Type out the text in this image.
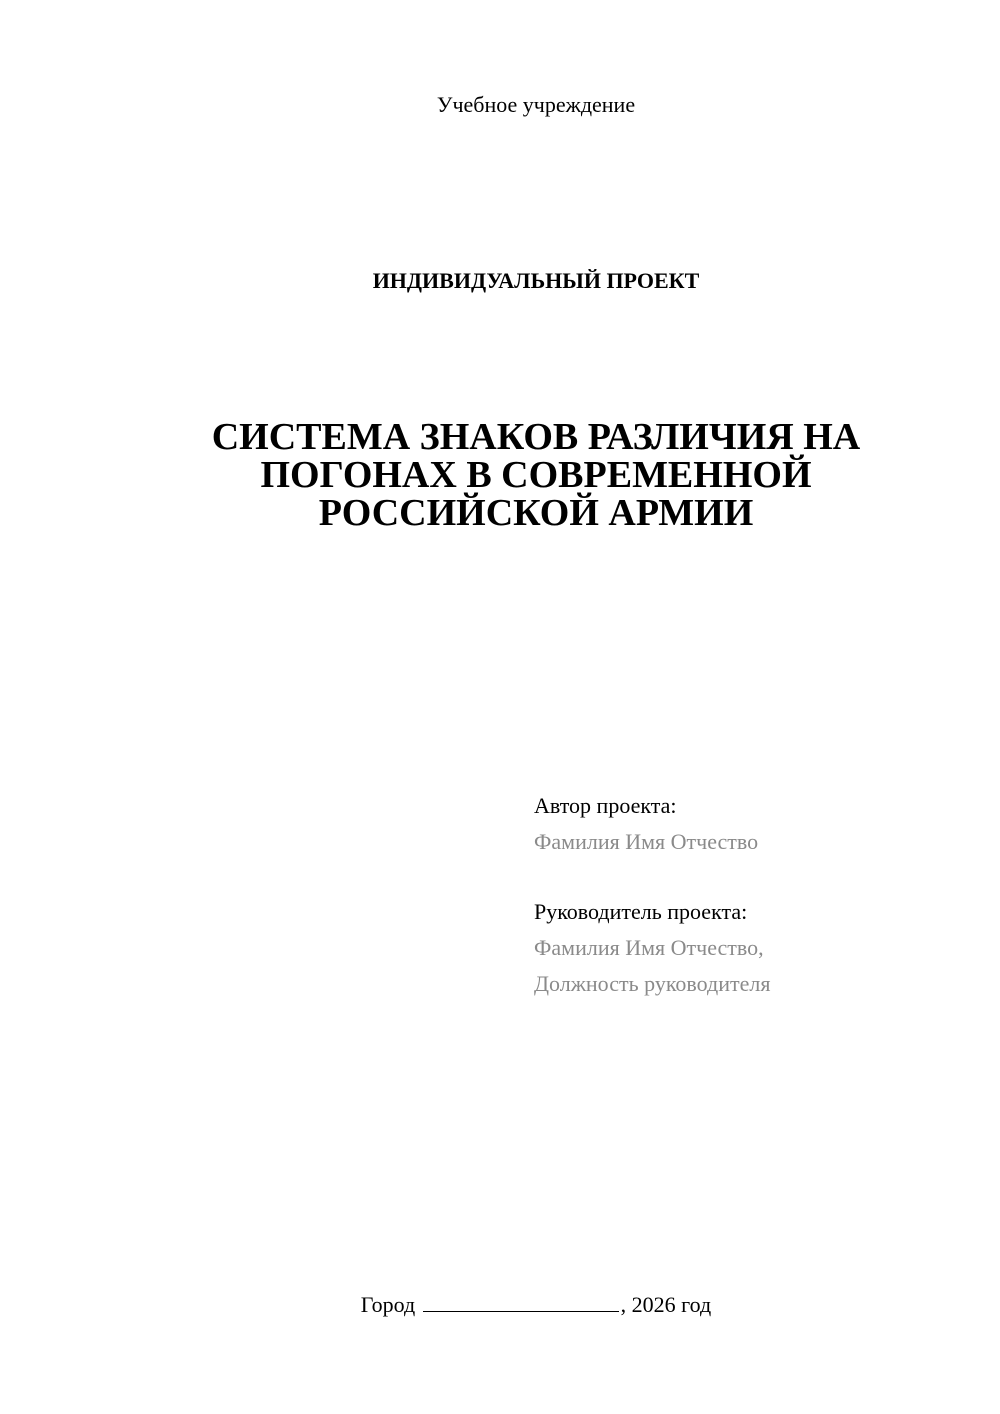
Учебное учреждение
ИНДИВИДУАЛЬНЫЙ ПРОЕКТ
СИСТЕМА ЗНАКОВ РАЗЛИЧИЯ НА
ПОГОНАХ В СОВРЕМЕННОЙ
РОССИЙСКОЙ АРМИИ
Автор проекта:
Фамилия Имя Отчество
Руководитель проекта:
Фамилия Имя Отчество,
Должность руководителя
Город	, 2026 год
